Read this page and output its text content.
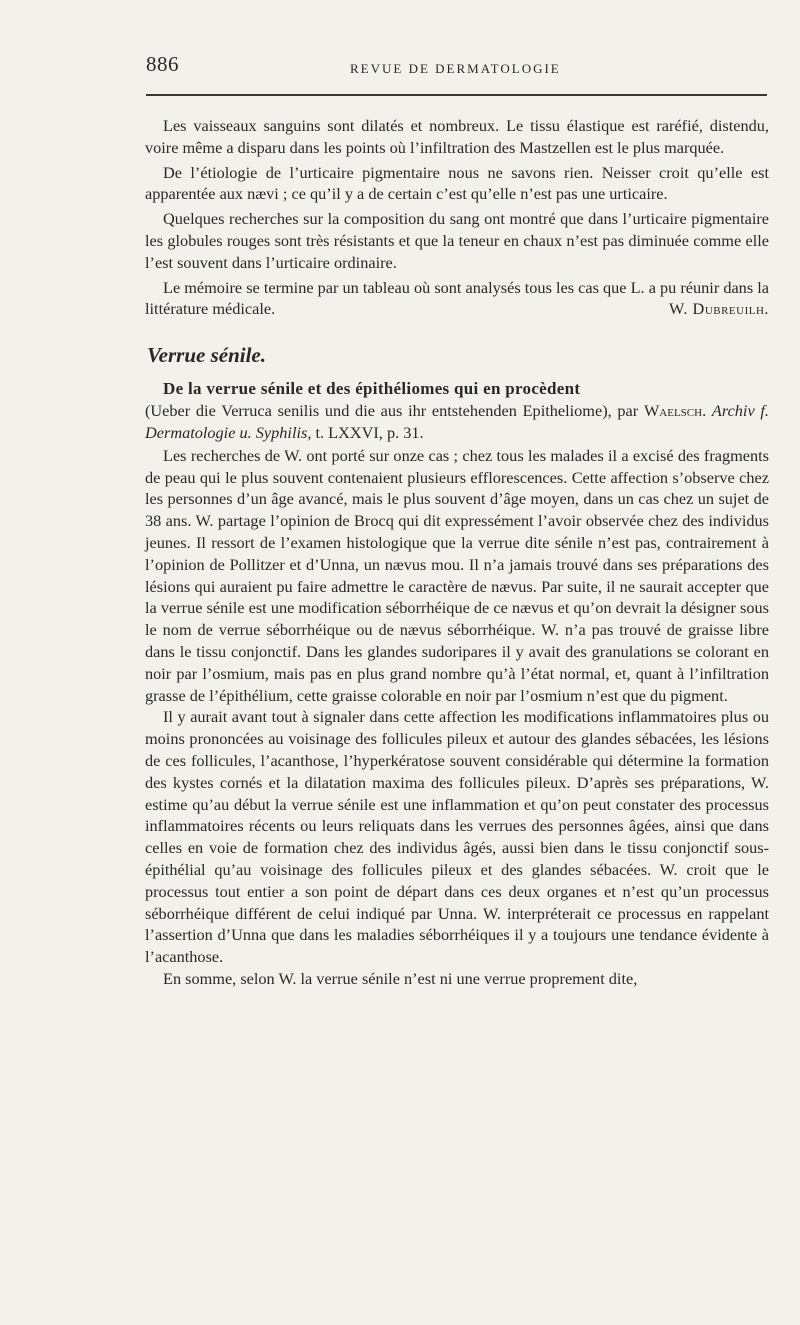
886	REVUE DE DERMATOLOGIE

Les vaisseaux sanguins sont dilatés et nombreux. Le tissu élastique est raréfié, distendu, voire même a disparu dans les points où l’infiltration des Mastzellen est le plus marquée.

De l’étiologie de l’urticaire pigmentaire nous ne savons rien. Neisser croit qu’elle est apparentée aux nævi ; ce qu’il y a de certain c’est qu’elle n’est pas une urticaire.

Quelques recherches sur la composition du sang ont montré que dans l’urticaire pigmentaire les globules rouges sont très résistants et que la teneur en chaux n’est pas diminuée comme elle l’est souvent dans l’urticaire ordinaire.

Le mémoire se termine par un tableau où sont analysés tous les cas que L. a pu réunir dans la littérature médicale.	W. Dubreuilh.

Verrue sénile.
De la verrue sénile et des épithéliomes qui en procèdent
(Ueber die Verruca senilis und die aus ihr entstehenden Epitheliome), par Waelsch. Archiv f. Dermatologie u. Syphilis, t. LXXVI, p. 31.

Les recherches de W. ont porté sur onze cas ; chez tous les malades il a excisé des fragments de peau qui le plus souvent contenaient plusieurs efflorescences. Cette affection s’observe chez les personnes d’un âge avancé, mais le plus souvent d’âge moyen, dans un cas chez un sujet de 38 ans. W. partage l’opinion de Brocq qui dit expressément l’avoir observée chez des individus jeunes. Il ressort de l’examen histologique que la verrue dite sénile n’est pas, contrairement à l’opinion de Pollitzer et d’Unna, un nævus mou. Il n’a jamais trouvé dans ses préparations des lésions qui auraient pu faire admettre le caractère de nævus. Par suite, il ne saurait accepter que la verrue sénile est une modification séborrhéique de ce nævus et qu’on devrait la désigner sous le nom de verrue séborrhéique ou de nævus séborrhéique. W. n’a pas trouvé de graisse libre dans le tissu conjonctif. Dans les glandes sudoripares il y avait des granulations se colorant en noir par l’osmium, mais pas en plus grand nombre qu’à l’état normal, et, quant à l’infiltration grasse de l’épithélium, cette graisse colorable en noir par l’osmium n’est que du pigment.

Il y aurait avant tout à signaler dans cette affection les modifications inflammatoires plus ou moins prononcées au voisinage des follicules pileux et autour des glandes sébacées, les lésions de ces follicules, l’acanthose, l’hyperkératose souvent considérable qui détermine la formation des kystes cornés et la dilatation maxima des follicules pileux. D’après ses préparations, W. estime qu’au début la verrue sénile est une inflammation et qu’on peut constater des processus inflammatoires récents ou leurs reliquats dans les verrues des personnes âgées, ainsi que dans celles en voie de formation chez des individus âgés, aussi bien dans le tissu conjonctif sous-épithélial qu’au voisinage des follicules pileux et des glandes sébacées. W. croit que le processus tout entier a son point de départ dans ces deux organes et n’est qu’un processus séborrhéique différent de celui indiqué par Unna. W. interpréterait ce processus en rappelant l’assertion d’Unna que dans les maladies séborrhéiques il y a toujours une tendance évidente à l’acanthose.

En somme, selon W. la verrue sénile n’est ni une verrue proprement dite,
